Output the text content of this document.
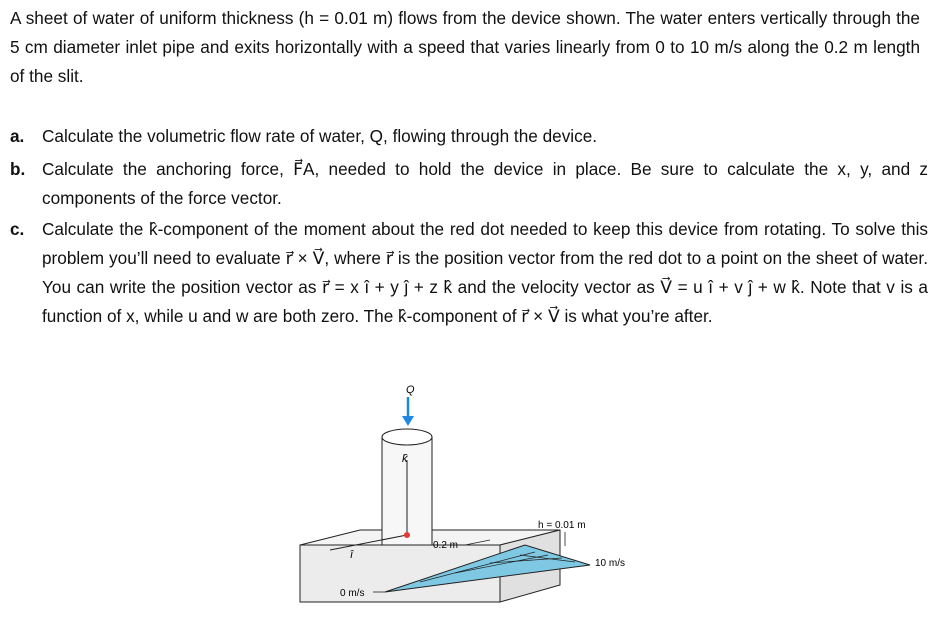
A sheet of water of uniform thickness (h = 0.01 m) flows from the device shown. The water enters vertically through the 5 cm diameter inlet pipe and exits horizontally with a speed that varies linearly from 0 to 10 m/s along the 0.2 m length of the slit.
a.	Calculate the volumetric flow rate of water, Q, flowing through the device.
b. Calculate the anchoring force, F⃗A, needed to hold the device in place. Be sure to calculate the x, y, and z components of the force vector.
c.	Calculate the k̂-component of the moment about the red dot needed to keep this device from rotating. To solve this problem you’ll need to evaluate r⃗ × V⃗, where r⃗ is the position vector from the red dot to a point on the sheet of water. You can write the position vector as r⃗ = x î + y ĵ + z k̂ and the velocity vector as V⃗ = u î + v ĵ + w k̂. Note that v is a function of x, while u and w are both zero. The k̂-component of r⃗ × V⃗ is what you’re after.
Q
k̂
î
0.2 m
h = 0.01 m
10 m/s
0 m/s
